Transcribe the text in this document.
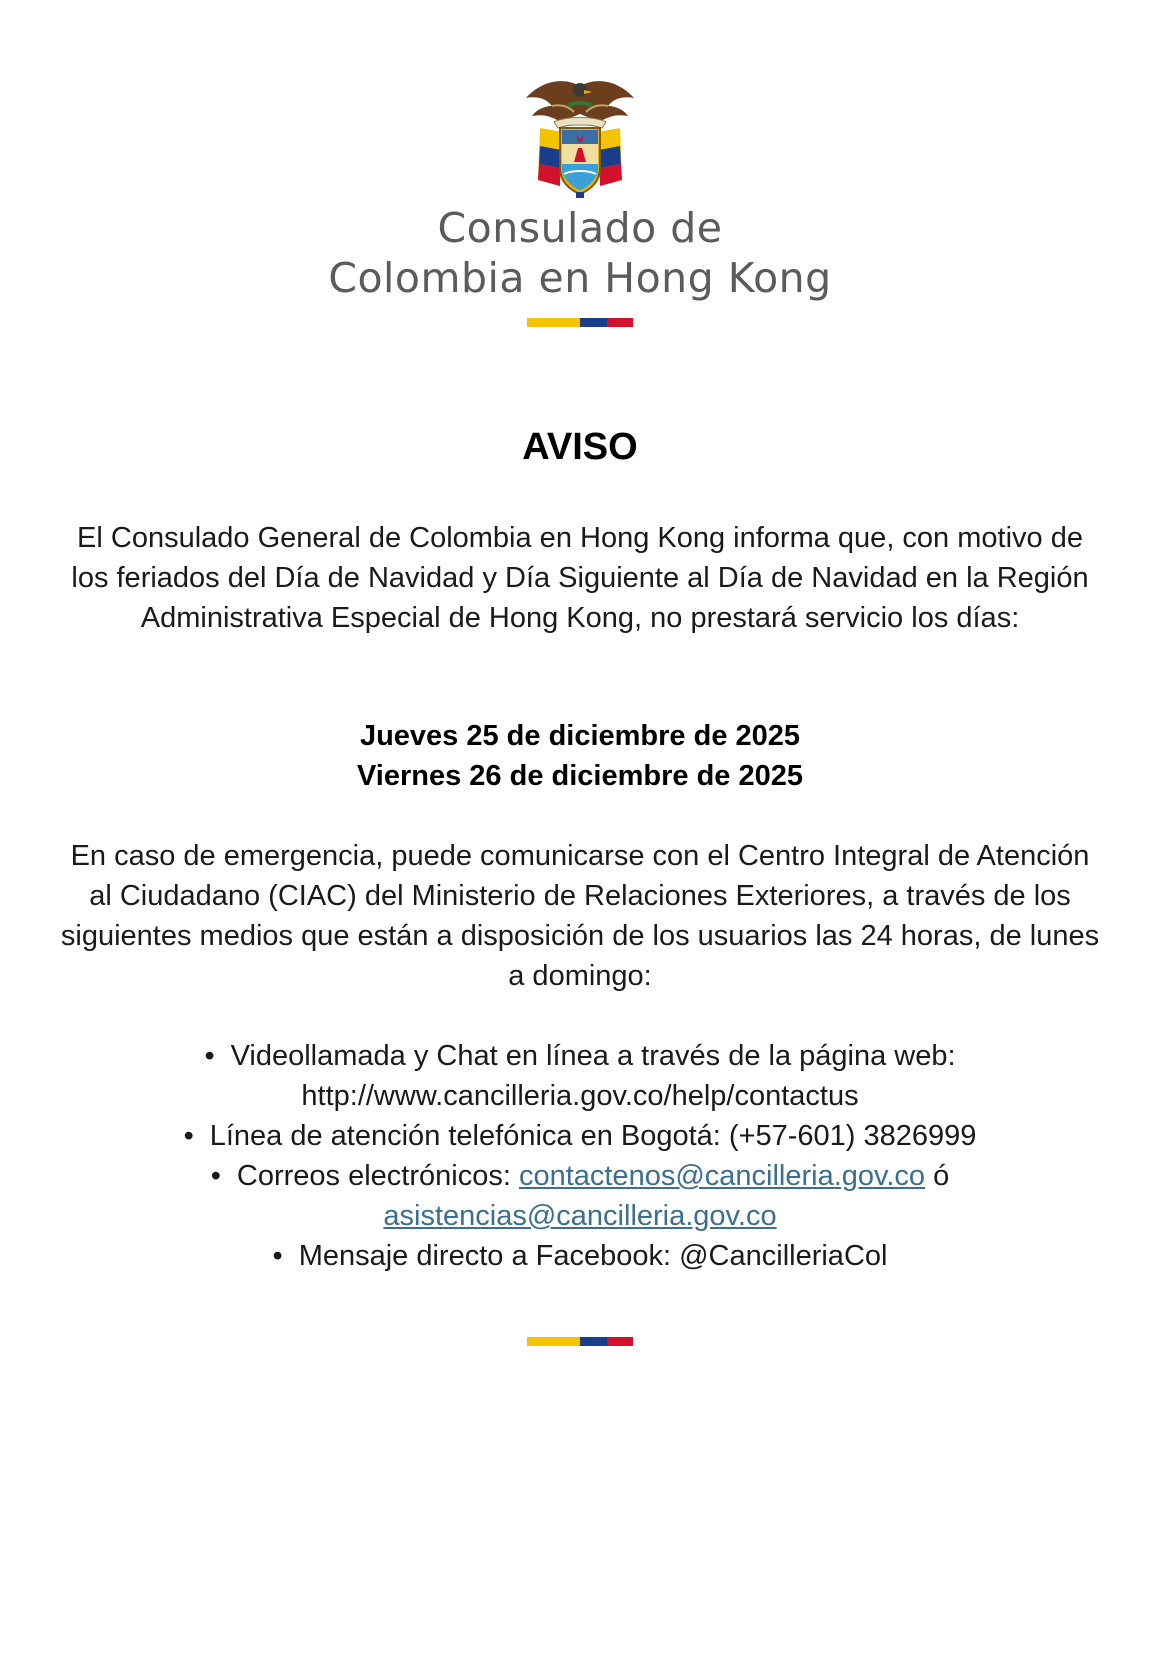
Consulado de
Colombia en Hong Kong
AVISO
El Consulado General de Colombia en Hong Kong informa que, con motivo de los feriados del Día de Navidad y Día Siguiente al Día de Navidad en la Región Administrativa Especial de Hong Kong, no prestará servicio los días:
Jueves 25 de diciembre de 2025
Viernes 26 de diciembre de 2025
En caso de emergencia, puede comunicarse con el Centro Integral de Atención al Ciudadano (CIAC) del Ministerio de Relaciones Exteriores, a través de los siguientes medios que están a disposición de los usuarios las 24 horas, de lunes a domingo:
• Videollamada y Chat en línea a través de la página web:
http://www.cancilleria.gov.co/help/contactus
• Línea de atención telefónica en Bogotá: (+57-601) 3826999
• Correos electrónicos: contactenos@cancilleria.gov.co ó
asistencias@cancilleria.gov.co
• Mensaje directo a Facebook: @CancilleriaCol
